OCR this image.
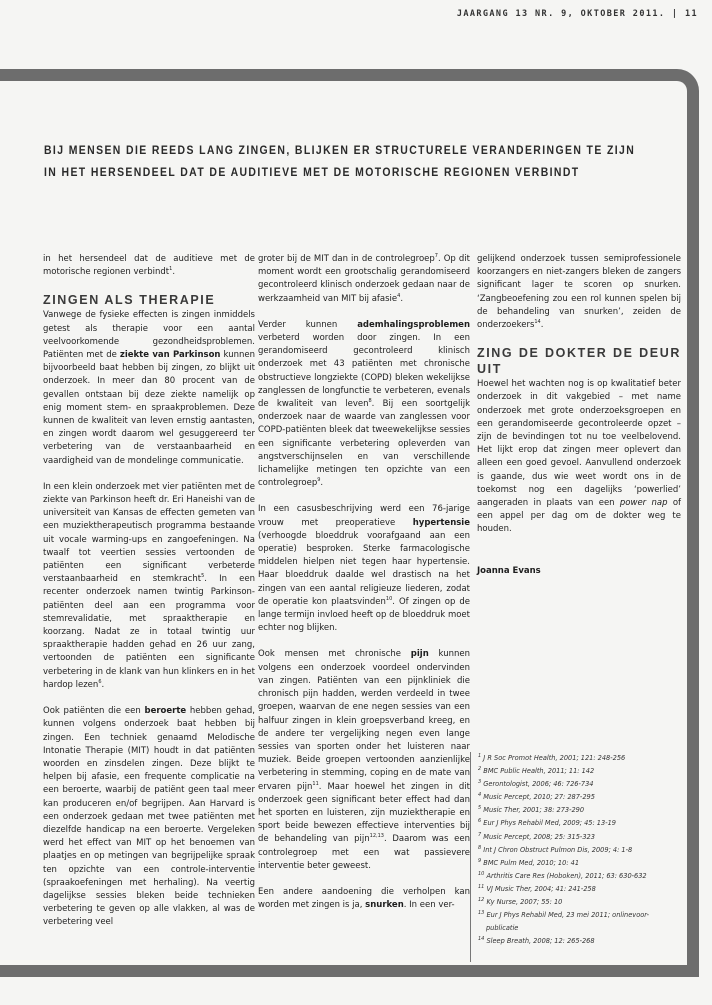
JAARGANG 13 NR. 9, OKTOBER 2011. | 11
BIJ MENSEN DIE REEDS LANG ZINGEN, BLIJKEN ER STRUCTURELE VERANDERINGEN TE ZIJN
IN HET HERSENDEEL DAT DE AUDITIEVE MET DE MOTORISCHE REGIONEN VERBINDT

in het hersendeel dat de auditieve met de motorische regionen verbindt$^1$.

ZINGEN ALS THERAPIE

Vanwege de fysieke effecten is zingen inmiddels getest als therapie voor een aantal veelvoorkomende gezondheidsproblemen. Patiënten met de ziekte van Parkinson kunnen bijvoorbeeld baat hebben bij zingen, zo blijkt uit onderzoek. In meer dan 80 procent van de gevallen ontstaan bij deze ziekte namelijk op enig moment stem- en spraakproblemen. Deze kunnen de kwaliteit van leven ernstig aantasten, en zingen wordt daarom wel gesuggereerd ter verbetering van de verstaanbaarheid en vaardigheid van de mondelinge communicatie.

In een klein onderzoek met vier patiënten met de ziekte van Parkinson heeft dr. Eri Haneishi van de universiteit van Kansas de effecten gemeten van een muziektherapeutisch programma bestaande uit vocale warming-ups en zangoefeningen. Na twaalf tot veertien sessies vertoonden de patiënten een significant verbeterde verstaanbaarheid en stemkracht$^5$. In een recenter onderzoek namen twintig Parkinson-patiënten deel aan een programma voor stemrevalidatie, met spraaktherapie en koorzang. Nadat ze in totaal twintig uur spraaktherapie hadden gehad en 26 uur zang, vertoonden de patiënten een significante verbetering in de klank van hun klinkers en in het hardop lezen$^6$.

Ook patiënten die een beroerte hebben gehad, kunnen volgens onderzoek baat hebben bij zingen. Een techniek genaamd Melodische Intonatie Therapie (MIT) houdt in dat patiënten woorden en zinsdelen zingen. Deze blijkt te helpen bij afasie, een frequente complicatie na een beroerte, waarbij de patiënt geen taal meer kan produceren en/of begrijpen. Aan Harvard is een onderzoek gedaan met twee patiënten met diezelfde handicap na een beroerte. Vergeleken werd het effect van MIT op het benoemen van plaatjes en op metingen van begrijpelijke spraak ten opzichte van een controle-interventie (spraakoefeningen met herhaling). Na veertig dagelijkse sessies bleken beide technieken verbetering te geven op alle vlakken, al was de verbetering veel

groter bij de MIT dan in de controlegroep$^7$. Op dit moment wordt een grootschalig gerandomiseerd gecontroleerd klinisch onderzoek gedaan naar de werkzaamheid van MIT bij afasie$^4$.

Verder kunnen ademhalingsproblemen verbeterd worden door zingen. In een gerandomiseerd gecontroleerd klinisch onderzoek met 43 patiënten met chronische obstructieve longziekte (COPD) bleken wekelijkse zanglessen de longfunctie te verbeteren, evenals de kwaliteit van leven$^8$. Bij een soortgelijk onderzoek naar de waarde van zanglessen voor COPD-patiënten bleek dat tweewekelijkse sessies een significante verbetering opleverden van angstverschijnselen en van verschillende lichamelijke metingen ten opzichte van een controlegroep$^9$.

In een casusbeschrijving werd een 76-jarige vrouw met preoperatieve hypertensie (verhoogde bloeddruk voorafgaand aan een operatie) besproken. Sterke farmacologische middelen hielpen niet tegen haar hypertensie. Haar bloeddruk daalde wel drastisch na het zingen van een aantal religieuze liederen, zodat de operatie kon plaatsvinden$^{10}$. Of zingen op de lange termijn invloed heeft op de bloeddruk moet echter nog blijken.

Ook mensen met chronische pijn kunnen volgens een onderzoek voordeel ondervinden van zingen. Patiënten van een pijnkliniek die chronisch pijn hadden, werden verdeeld in twee groepen, waarvan de ene negen sessies van een halfuur zingen in klein groepsverband kreeg, en de andere ter vergelijking negen even lange sessies van sporten onder het luisteren naar muziek. Beide groepen vertoonden aanzienlijke verbetering in stemming, coping en de mate van ervaren pijn$^{11}$. Maar hoewel het zingen in dit onderzoek geen significant beter effect had dan het sporten en luisteren, zijn muziektherapie en sport beide bewezen effectieve interventies bij de behandeling van pijn$^{12,13}$. Daarom was een controlegroep met een wat passievere interventie beter geweest.

Een andere aandoening die verholpen kan worden met zingen is ja, snurken. In een ver-

gelijkend onderzoek tussen semiprofessionele koorzangers en niet-zangers bleken de zangers significant lager te scoren op snurken. ‘Zangbeoefening zou een rol kunnen spelen bij de behandeling van snurken’, zeiden de onderzoekers$^{14}$.

ZING DE DOKTER DE DEUR UIT

Hoewel het wachten nog is op kwalitatief beter onderzoek in dit vakgebied – met name onderzoek met grote onderzoeksgroepen en een gerandomiseerde gecontroleerde opzet – zijn de bevindingen tot nu toe veelbelovend. Het lijkt erop dat zingen meer oplevert dan alleen een goed gevoel. Aanvullend onderzoek is gaande, dus wie weet wordt ons in de toekomst nog een dagelijks ‘powerlied’ aangeraden in plaats van een power nap of een appel per dag om de dokter weg te houden.

Joanna Evans
$^1$ J R Soc Promot Health, 2001; 121: 248-256
$^2$ BMC Public Health, 2011; 11: 142
$^3$ Gerontologist, 2006; 46: 726-734
$^4$ Music Percept, 2010; 27: 287-295
$^5$ Music Ther, 2001; 38: 273-290
$^6$ Eur J Phys Rehabil Med, 2009; 45: 13-19
$^7$ Music Percept, 2008; 25: 315-323
$^8$ Int J Chron Obstruct Pulmon Dis, 2009; 4: 1-8
$^9$ BMC Pulm Med, 2010; 10: 41
$^{10}$ Arthritis Care Res (Hoboken), 2011; 63: 630-632
$^{11}$ VJ Music Ther, 2004; 41: 241-258
$^{12}$ Ky Nurse, 2007; 55: 10
$^{13}$ Eur J Phys Rehabil Med, 23 mei 2011; onlinevoor-
publicatie
$^{14}$ Sleep Breath, 2008; 12: 265-268
